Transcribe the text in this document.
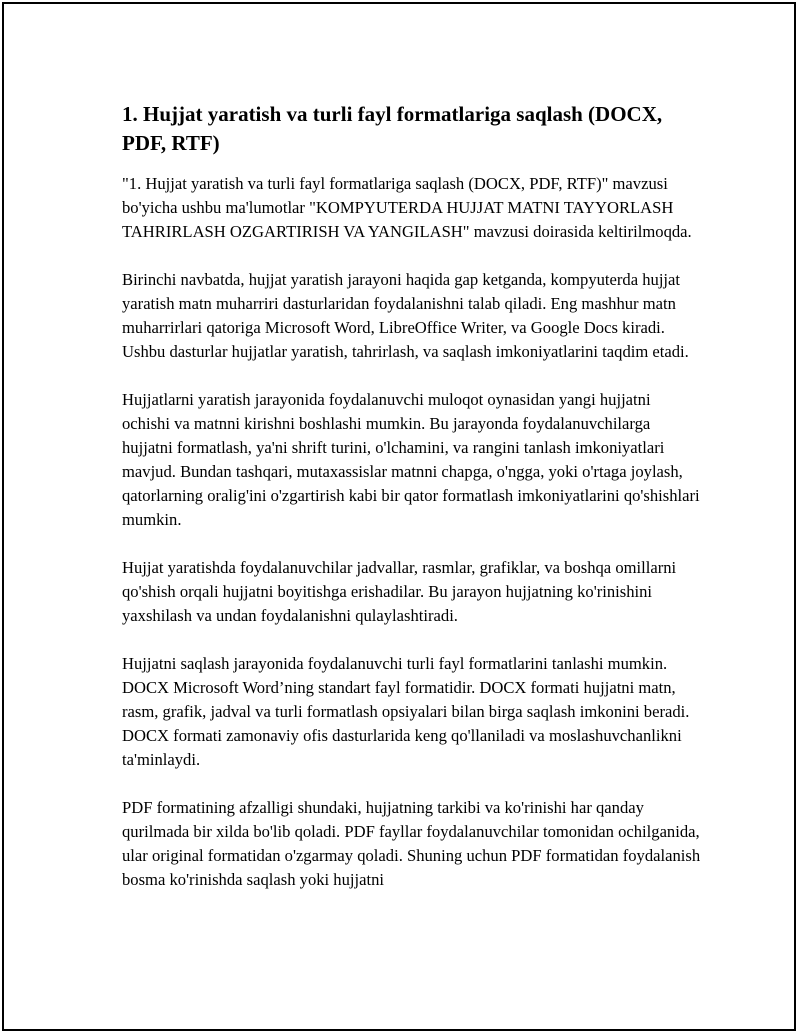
1. Hujjat yaratish va turli fayl formatlariga saqlash (DOCX, PDF, RTF)

"1. Hujjat yaratish va turli fayl formatlariga saqlash (DOCX, PDF, RTF)" mavzusi bo'yicha ushbu ma'lumotlar "KOMPYUTERDA HUJJAT MATNI TAYYORLASH TAHRIRLASH OZGARTIRISH VA YANGILASH" mavzusi doirasida keltirilmoqda.

Birinchi navbatda, hujjat yaratish jarayoni haqida gap ketganda, kompyuterda hujjat yaratish matn muharriri dasturlaridan foydalanishni talab qiladi. Eng mashhur matn muharrirlari qatoriga Microsoft Word, LibreOffice Writer, va Google Docs kiradi. Ushbu dasturlar hujjatlar yaratish, tahrirlash, va saqlash imkoniyatlarini taqdim etadi.

Hujjatlarni yaratish jarayonida foydalanuvchi muloqot oynasidan yangi hujjatni ochishi va matnni kirishni boshlashi mumkin. Bu jarayonda foydalanuvchilarga hujjatni formatlash, ya'ni shrift turini, o'lchamini, va rangini tanlash imkoniyatlari mavjud. Bundan tashqari, mutaxassislar matnni chapga, o'ngga, yoki o'rtaga joylash, qatorlarning oralig'ini o'zgartirish kabi bir qator formatlash imkoniyatlarini qo'shishlari mumkin.

Hujjat yaratishda foydalanuvchilar jadvallar, rasmlar, grafiklar, va boshqa omillarni qo'shish orqali hujjatni boyitishga erishadilar. Bu jarayon hujjatning ko'rinishini yaxshilash va undan foydalanishni qulaylashtiradi.

Hujjatni saqlash jarayonida foydalanuvchi turli fayl formatlarini tanlashi mumkin. DOCX Microsoft Word’ning standart fayl formatidir. DOCX formati hujjatni matn, rasm, grafik, jadval va turli formatlash opsiyalari bilan birga saqlash imkonini beradi. DOCX formati zamonaviy ofis dasturlarida keng qo'llaniladi va moslashuvchanlikni ta'minlaydi.

PDF formatining afzalligi shundaki, hujjatning tarkibi va ko'rinishi har qanday qurilmada bir xilda bo'lib qoladi. PDF fayllar foydalanuvchilar tomonidan ochilganida, ular original formatidan o'zgarmay qoladi. Shuning uchun PDF formatidan foydalanish bosma ko'rinishda saqlash yoki hujjatni
